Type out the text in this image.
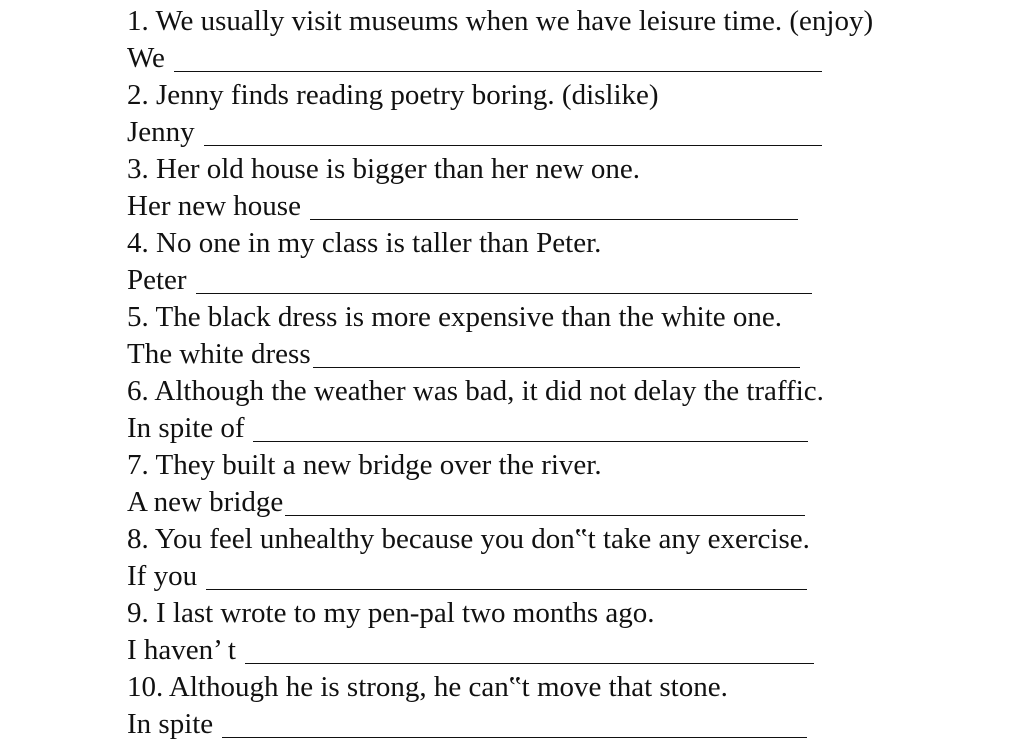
1. We usually visit museums when we have leisure time. (enjoy)
We
2. Jenny finds reading poetry boring. (dislike)
Jenny
3. Her old house is bigger than her new one.
Her new house
4. No one in my class is taller than Peter.
Peter
5. The black dress is more expensive than the white one.
The white dress
6. Although the weather was bad, it did not delay the traffic.
In spite of
7. They built a new bridge over the river.
A new bridge
8. You feel unhealthy because you don‟t take any exercise.
If you
9. I last wrote to my pen-pal two months ago.
I haven’ t
10. Although he is strong, he can‟t move that stone.
In spite
